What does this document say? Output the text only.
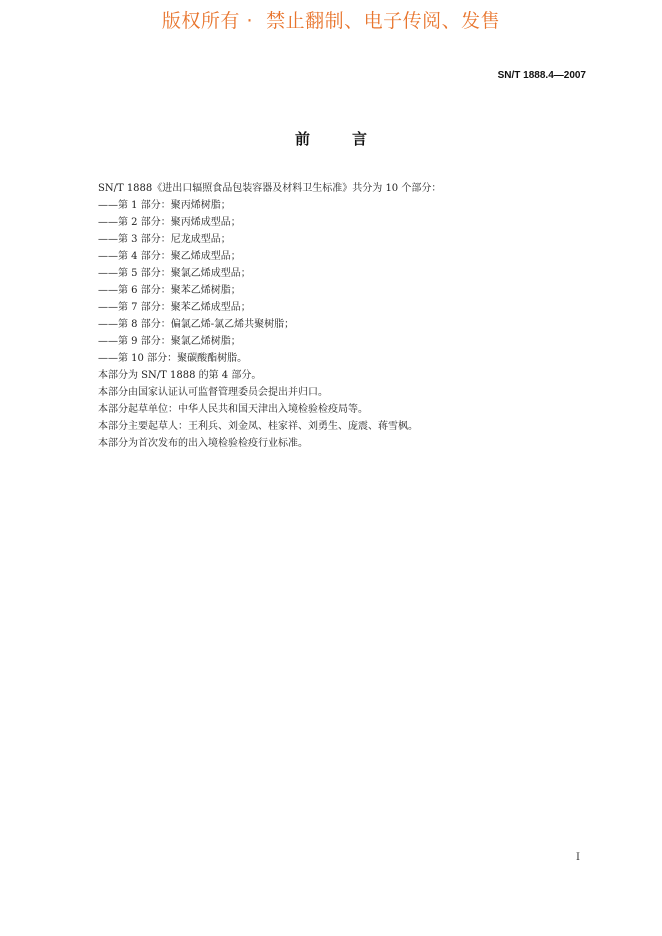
版权所有 ·  禁止翻制、电子传阅、发售
SN/T 1888.4—2007
前言
SN/T 1888《进出口辐照食品包装容器及材料卫生标准》共分为 10 个部分：
——第 1 部分：聚丙烯树脂；
——第 2 部分：聚丙烯成型品；
——第 3 部分：尼龙成型品；
——第 4 部分：聚乙烯成型品；
——第 5 部分：聚氯乙烯成型品；
——第 6 部分：聚苯乙烯树脂；
——第 7 部分：聚苯乙烯成型品；
——第 8 部分：偏氯乙烯-氯乙烯共聚树脂；
——第 9 部分：聚氯乙烯树脂；
——第 10 部分：聚碳酸酯树脂。
本部分为 SN/T 1888 的第 4 部分。
本部分由国家认证认可监督管理委员会提出并归口。
本部分起草单位：中华人民共和国天津出入境检验检疫局等。
本部分主要起草人：王利兵、刘金凤、桂家祥、刘勇生、庞震、蒋雪枫。
本部分为首次发布的出入境检验检疫行业标准。
I
